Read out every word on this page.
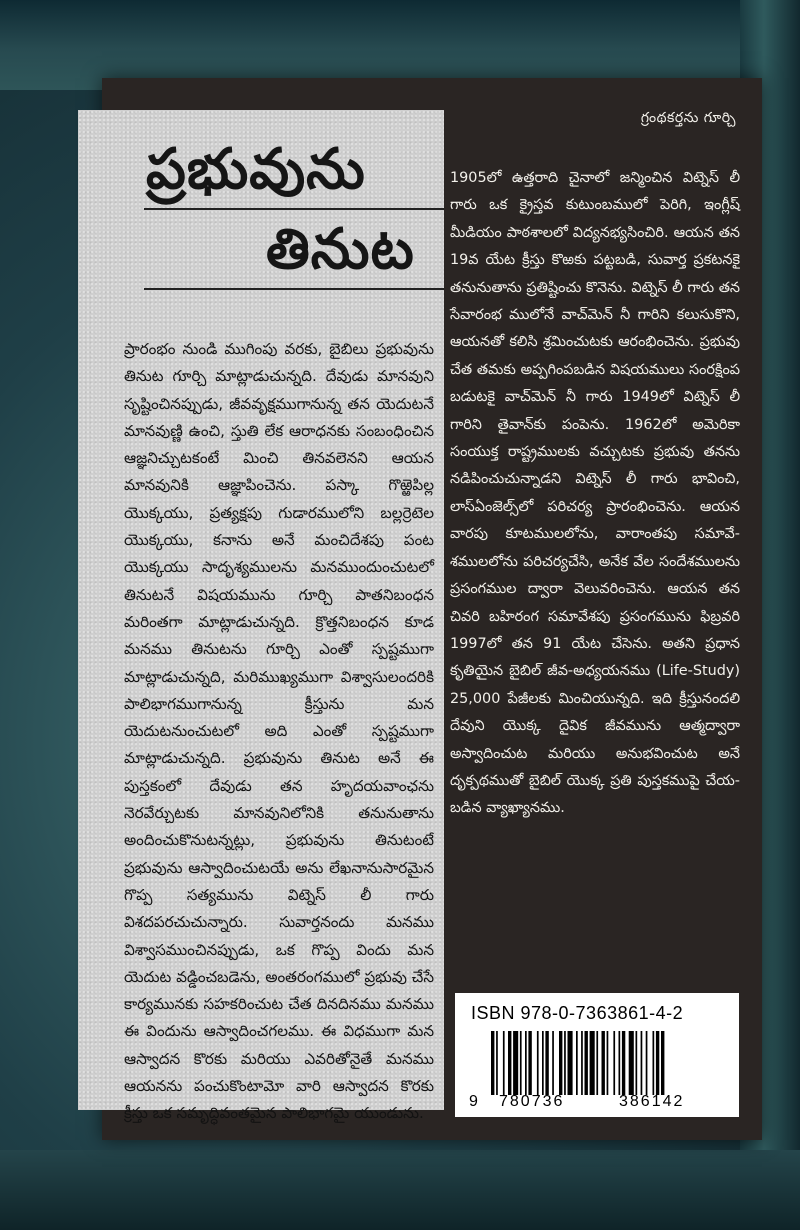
ప్రభువును
తినుట
ప్రారంభం నుండి ముగింపు వరకు, బైబిలు ప్రభువును తినుట గూర్చి మాట్లాడుచున్నది. దేవుడు మానవుని సృష్టించినప్పుడు, జీవవృక్షముగానున్న తన యెదుటనే మానవుణ్ణి ఉంచి, స్తుతి లేక ఆరాధనకు సంబంధించిన ఆజ్ఞనిచ్చుటకంటే మించి తినవలెనని ఆయన మానవునికి ఆజ్ఞాపించెను. పస్కా గొఱ్ఱెపిల్ల యొక్కయు, ప్రత్యక్షపు గుడారములోని బల్లర్రెటెల యొక్కయు, కనాను అనే మంచిదేశపు పంట యొక్కయు సాదృశ్యములను మనముందుంచుటలో తినుటనే విషయమును గూర్చి పాతనిబంధన మరింతగా మాట్లాడుచున్నది. క్రొత్తనిబంధన కూడ మనము తినుటను గూర్చి ఎంతో స్పష్టముగా మాట్లాడుచున్నది, మరిముఖ్యముగా విశ్వాసులందరికి పాలిభాగముగానున్న క్రీస్తును మన యెదుటనుంచుటలో అది ఎంతో స్పష్టముగా మాట్లాడుచున్నది. ప్రభువును తినుట అనే ఈ పుస్తకంలో దేవుడు తన హృదయవాంఛను నెరవేర్చుటకు మానవునిలోనికి తనునుతాను అందించుకొనుటన్నట్లు, ప్రభువును తినుటంటే ప్రభువును ఆస్వాదించుటయే అను లేఖనానుసారమైన గొప్ప సత్యమును విట్నెస్ లీ గారు విశదపరచుచున్నారు. సువార్తనందు మనము విశ్వాసముంచినప్పుడు, ఒక గొప్ప విందు మన యెదుట వడ్డించబడెను, అంతరంగములో ప్రభువు చేసే కార్యమునకు సహకరించుట చేత దినదినము మనము ఈ విందును ఆస్వాదించగలము. ఈ విధముగా మన ఆస్వాదన కొరకు మరియు ఎవరితోనైతే మనము ఆయనను పంచుకొంటామో వారి ఆస్వాదన కొరకు క్రీస్తు ఒక సమృద్ధివంతమైన పాలిభాగమై యుండును.
గ్రంథకర్తను గూర్చి
1905లో ఉత్తరాది చైనాలో జన్మించిన విట్నెస్ లీ గారు ఒక క్రైస్తవ కుటుంబములో పెరిగి, ఇంగ్లీష్ మీడియం పాఠశాలలో విద్యనభ్యసించిరి. ఆయన తన 19వ యేట క్రీస్తు కొఱకు పట్టబడి, సువార్త ప్రకటనకై తనునుతాను ప్రతిష్టించు కొనెను. విట్నెస్ లీ గారు తన సేవారంభ ములోనే వాచ్‌మెన్ నీ గారిని కలుసుకొని, ఆయనతో కలిసి శ్రమించుటకు ఆరంభించెను. ప్రభువు చేత తమకు అప్పగింపబడిన విషయములు సంరక్షింప బడుటకై వాచ్‌మెన్ నీ గారు 1949లో విట్నెస్ లీ గారిని తైవాన్‌కు పంపెను. 1962లో అమెరికా సంయుక్త రాష్ట్రములకు వచ్చుటకు ప్రభువు తనను నడిపించుచున్నాడని విట్నెస్ లీ గారు భావించి, లాస్‌ఏంజెల్స్‌లో పరిచర్య ప్రారంభించెను. ఆయన వారపు కూటములలోను, వారాంతపు సమావే-శములలోను పరిచర్యచేసి, అనేక వేల సందేశములను ప్రసంగముల ద్వారా వెలువరించెను. ఆయన తన చివరి బహిరంగ సమావేశపు ప్రసంగమును ఫిబ్రవరి 1997లో తన 91 యేట చేసెను. అతని ప్రధాన కృతియైన బైబిల్ జీవ-అధ్యయనము (Life-Study) 25,000 పేజీలకు మించియున్నది. ఇది క్రీస్తునందలి దేవుని యొక్క దైవిక జీవమును ఆత్మద్వారా అస్వాదించుట మరియు అనుభవించుట అనే దృక్పథముతో బైబిల్ యొక్క ప్రతి పుస్తకముపై చేయ-బడిన వ్యాఖ్యానము.
ISBN 978-0-7363861-4-2
9 780736	386142
